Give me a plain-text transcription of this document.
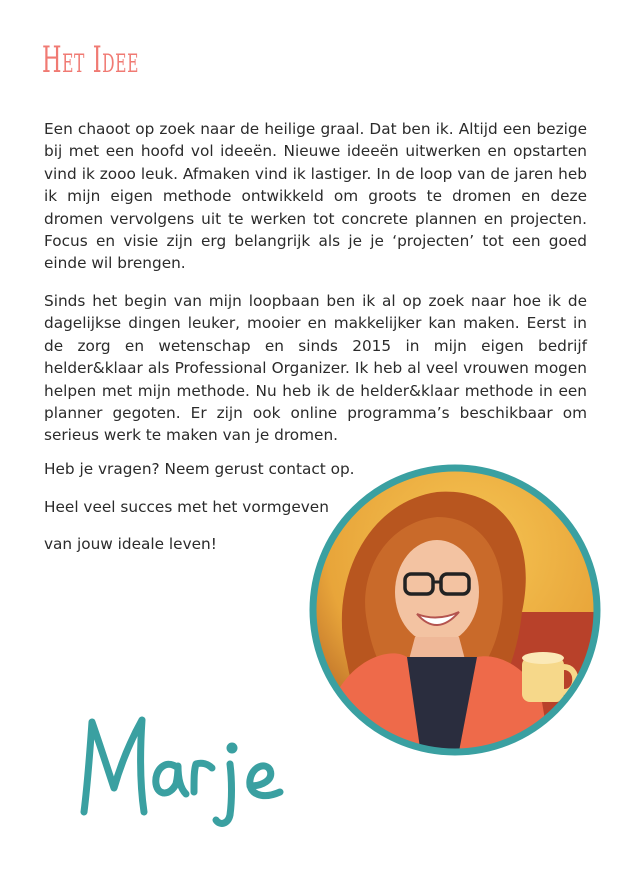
Het Idee

Een chaoot op zoek naar de heilige graal. Dat ben ik. Altijd een bezige bij met een hoofd vol ideeën. Nieuwe ideeën uitwerken en opstarten vind ik zooo leuk. Afmaken vind ik lastiger. In de loop van de jaren heb ik mijn eigen methode ontwikkeld om groots te dromen en deze dromen vervolgens uit te werken tot concrete plannen en projecten. Focus en visie zijn erg belangrijk als je je ‘projecten’ tot een goed einde wil brengen.

Sinds het begin van mijn loopbaan ben ik al op zoek naar hoe ik de dagelijkse dingen leuker, mooier en makkelijker kan maken. Eerst in de zorg en wetenschap en sinds 2015 in mijn eigen bedrijf helder&klaar als Professional Organizer. Ik heb al veel vrouwen mogen helpen met mijn methode. Nu heb ik de helder&klaar methode in een planner gegoten. Er zijn ook online programma’s beschikbaar om serieus werk te maken van je dromen.

Heb je vragen? Neem gerust contact op.

Heel veel succes met het vormgeven

van jouw ideale leven!
